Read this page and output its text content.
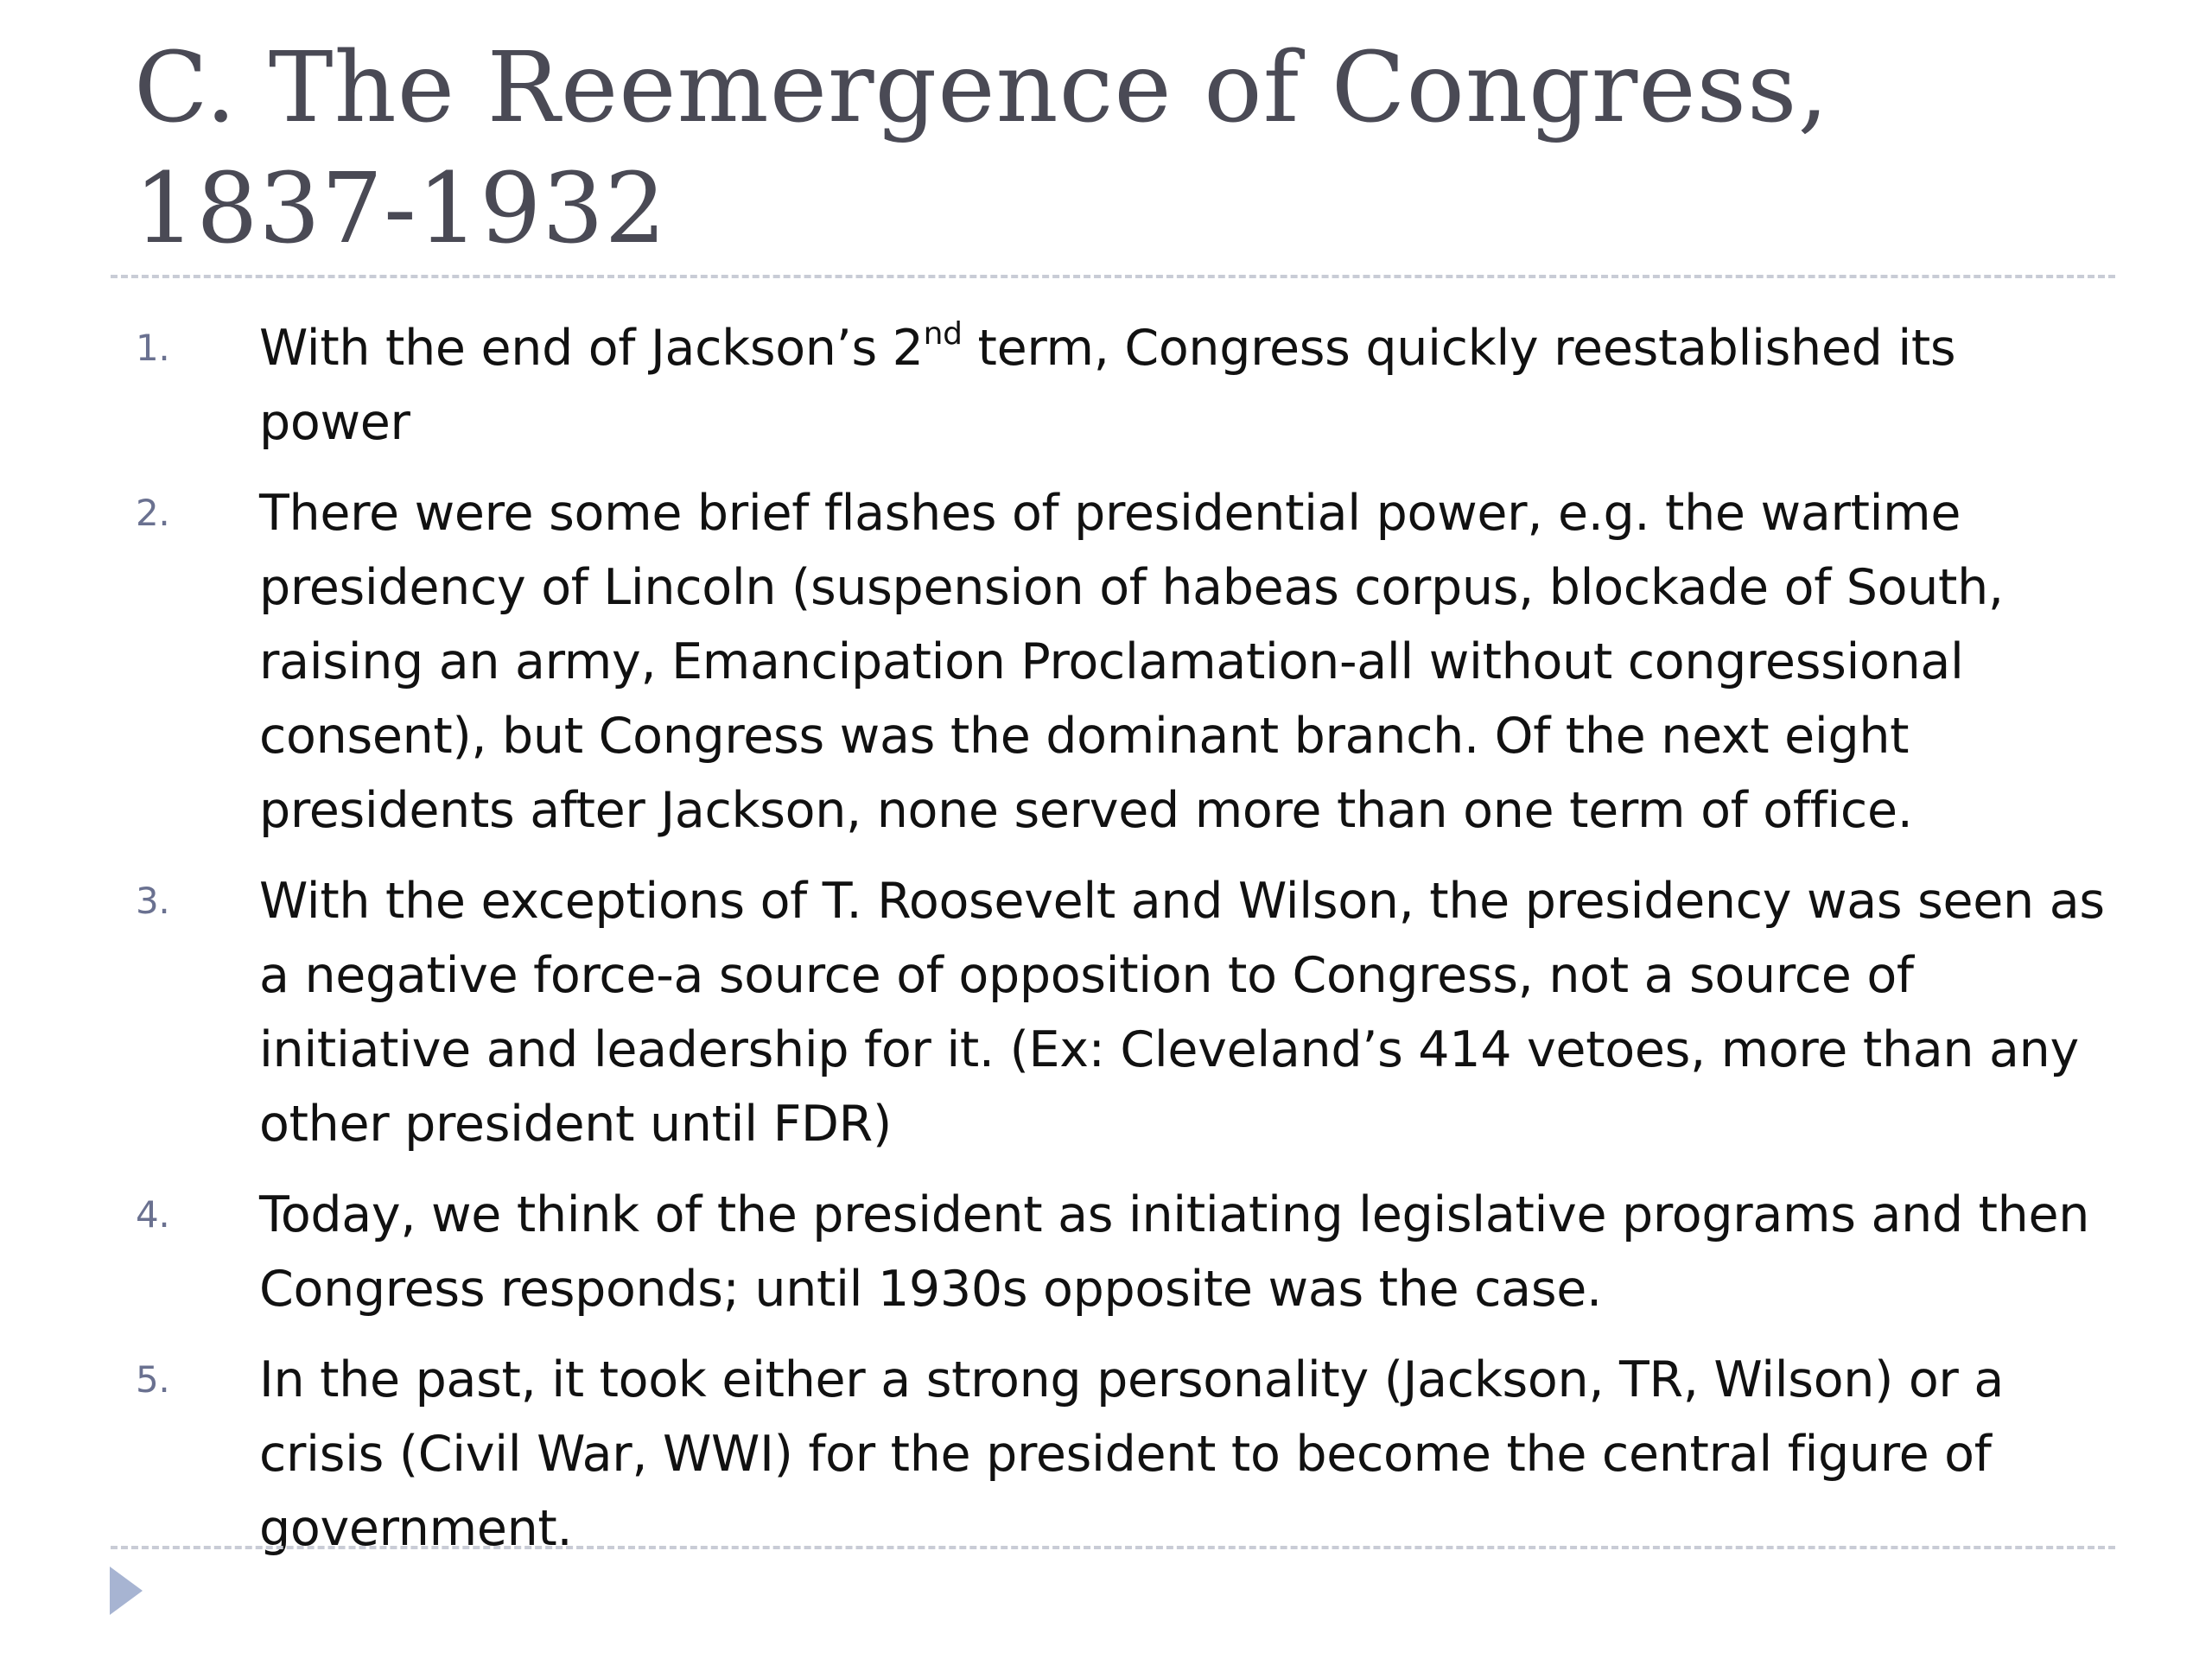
C. The Reemergence of Congress, 1837-1932
1. With the end of Jackson’s 2nd term, Congress quickly reestablished its power
2. There were some brief flashes of presidential power, e.g. the wartime presidency of Lincoln (suspension of habeas corpus, blockade of South, raising an army, Emancipation Proclamation-all without congressional consent), but Congress was the dominant branch. Of the next eight presidents after Jackson, none served more than one term of office.
3. With the exceptions of T. Roosevelt and Wilson, the presidency was seen as a negative force-a source of opposition to Congress, not a source of initiative and leadership for it. (Ex: Cleveland’s 414 vetoes, more than any other president until FDR)
4. Today, we think of the president as initiating legislative programs and then Congress responds; until 1930s opposite was the case.
5. In the past, it took either a strong personality (Jackson, TR, Wilson) or a crisis (Civil War, WWI) for the president to become the central figure of government.
